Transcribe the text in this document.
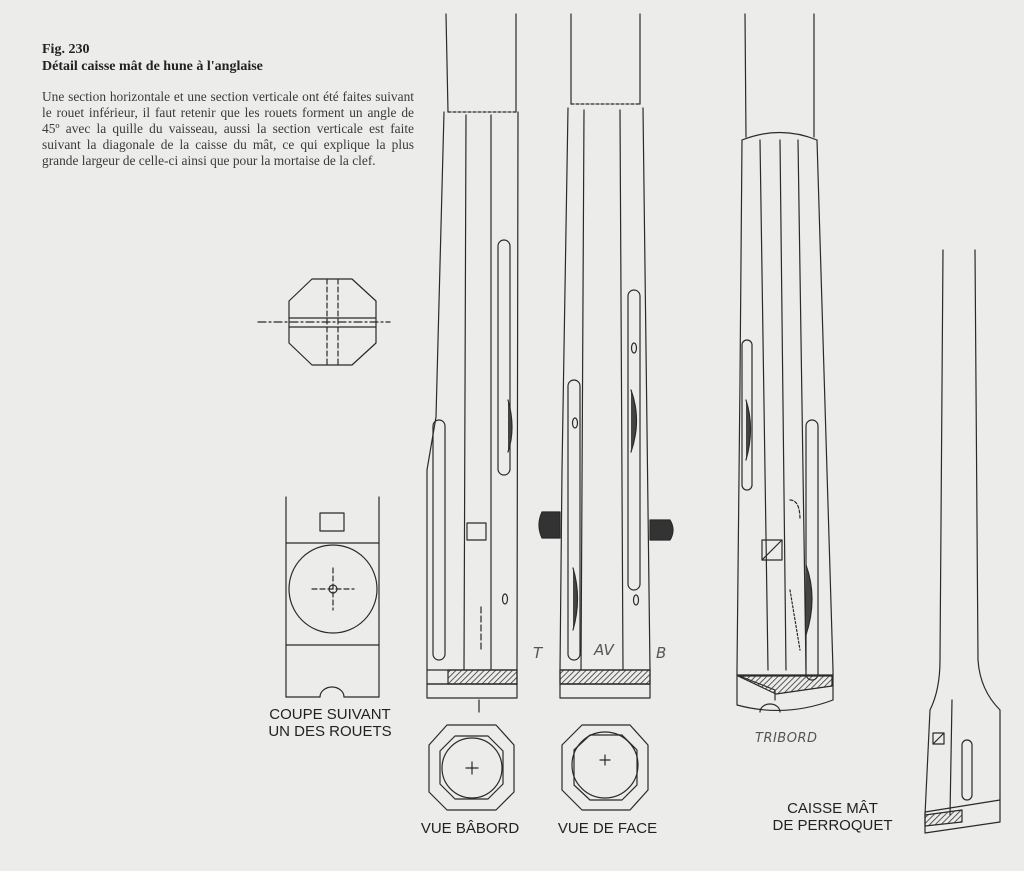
Fig. 230
Détail caisse mât de hune à l'anglaise
Une section horizontale et une section verticale ont été faites suivant le rouet inférieur, il faut retenir que les rouets forment un angle de 45º avec la quille du vaisseau, aussi la section verticale est faite suivant la diagonale de la caisse du mât, ce qui explique la plus grande largeur de celle-ci ainsi que pour la mortaise de la clef.
T	AV	B
TRIBORD
COUPE SUIVANT
UN DES ROUETS
VUE BÂBORD	VUE DE FACE
CAISSE MÂT
DE PERROQUET
